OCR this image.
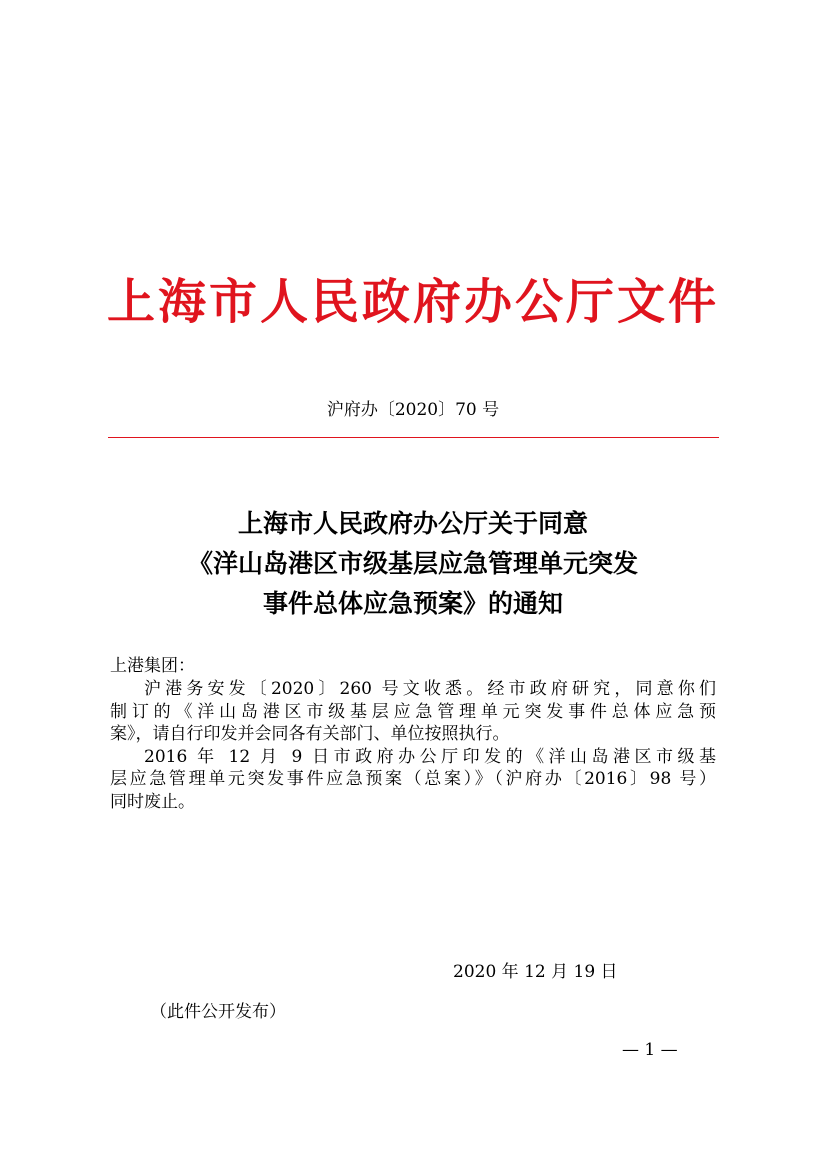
上海市人民政府办公厅文件
沪府办〔2020〕70 号
上海市人民政府办公厅关于同意
《洋山岛港区市级基层应急管理单元突发
事件总体应急预案》的通知
上港集团：

沪港务安发〔2020〕260 号文收悉。经市政府研究，同意你们

制订的《洋山岛港区市级基层应急管理单元突发事件总体应急预

案》，请自行印发并会同各有关部门、单位按照执行。

2016 年 12 月 9 日市政府办公厅印发的《洋山岛港区市级基

层应急管理单元突发事件应急预案（总案）》（沪府办〔2016〕98 号）

同时废止。

2020 年 12 月 19 日
（此件公开发布）
— 1 —
